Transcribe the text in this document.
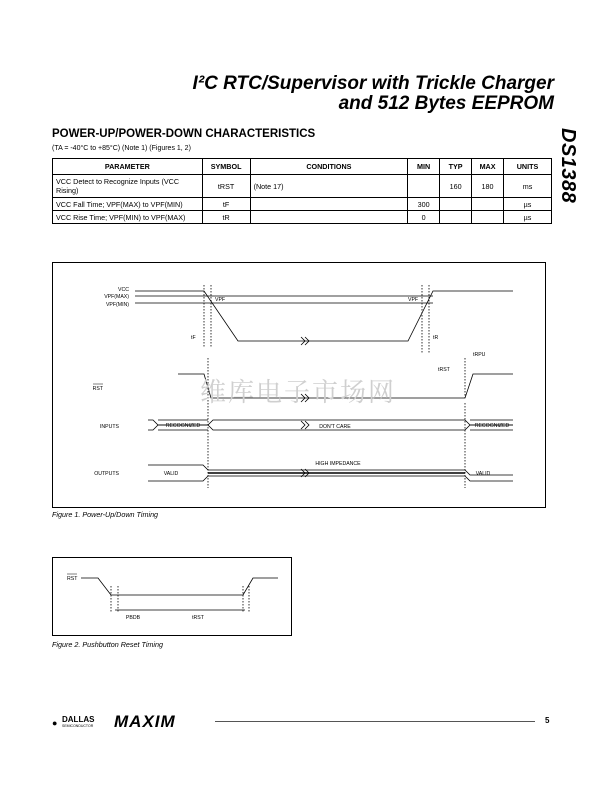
I²C RTC/Supervisor with Trickle Charger
and 512 Bytes EEPROM
DS1388
POWER-UP/POWER-DOWN CHARACTERISTICS
(TA = -40°C to +85°C) (Note 1) (Figures 1, 2)
PARAMETER	SYMBOL	CONDITIONS	MIN	TYP	MAX	UNITS
VCC Detect to Recognize Inputs (VCC Rising)	tRST	(Note 17)		160	180	ms
VCC Fall Time; VPF(MAX) to VPF(MIN)	tF		300			µs
VCC Rise Time; VPF(MIN) to VPF(MAX)	tR		0			µs
VCC
VPF(MAX)
VPF(MIN)
VPF	VPF
tF	tR
tRPU
tRST
RST
INPUTS
OUTPUTS
RECOGNIZED	DON'T CARE	RECOGNIZED
VALID
HIGH IMPEDANCE
VALID
Figure 1. Power-Up/Down Timing
维库电子市场网
RST
PBDB	tRST
Figure 2. Pushbutton Reset Timing
● DALLAS
SEMICONDUCTOR MAXIM	5
